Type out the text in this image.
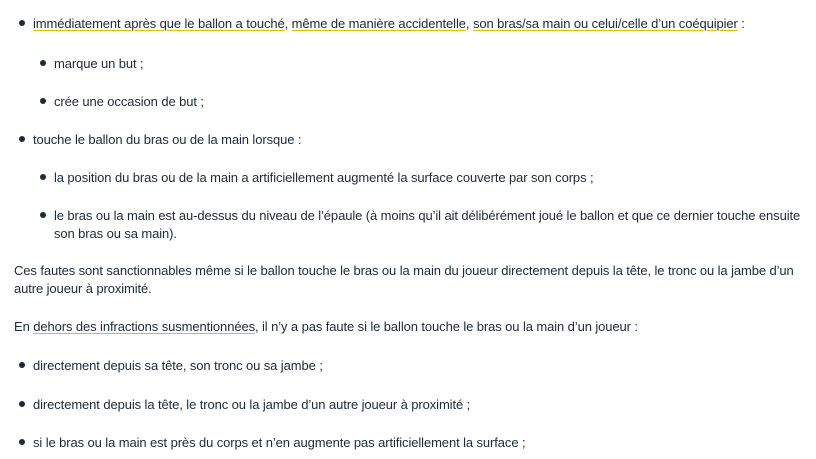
immédiatement après que le ballon a touché, même de manière accidentelle, son bras/sa main ou celui/celle d’un coéquipier :
marque un but ;
crée une occasion de but ;
touche le ballon du bras ou de la main lorsque :
la position du bras ou de la main a artificiellement augmenté la surface couverte par son corps ;
le bras ou la main est au-dessus du niveau de l’épaule (à moins qu’il ait délibérément joué le ballon et que ce dernier touche ensuite
son bras ou sa main).
Ces fautes sont sanctionnables même si le ballon touche le bras ou la main du joueur directement depuis la tête, le tronc ou la jambe d’un
autre joueur à proximité.
En dehors des infractions susmentionnées, il n’y a pas faute si le ballon touche le bras ou la main d’un joueur :
directement depuis sa tête, son tronc ou sa jambe ;
directement depuis la tête, le tronc ou la jambe d’un autre joueur à proximité ;
si le bras ou la main est près du corps et n’en augmente pas artificiellement la surface ;
